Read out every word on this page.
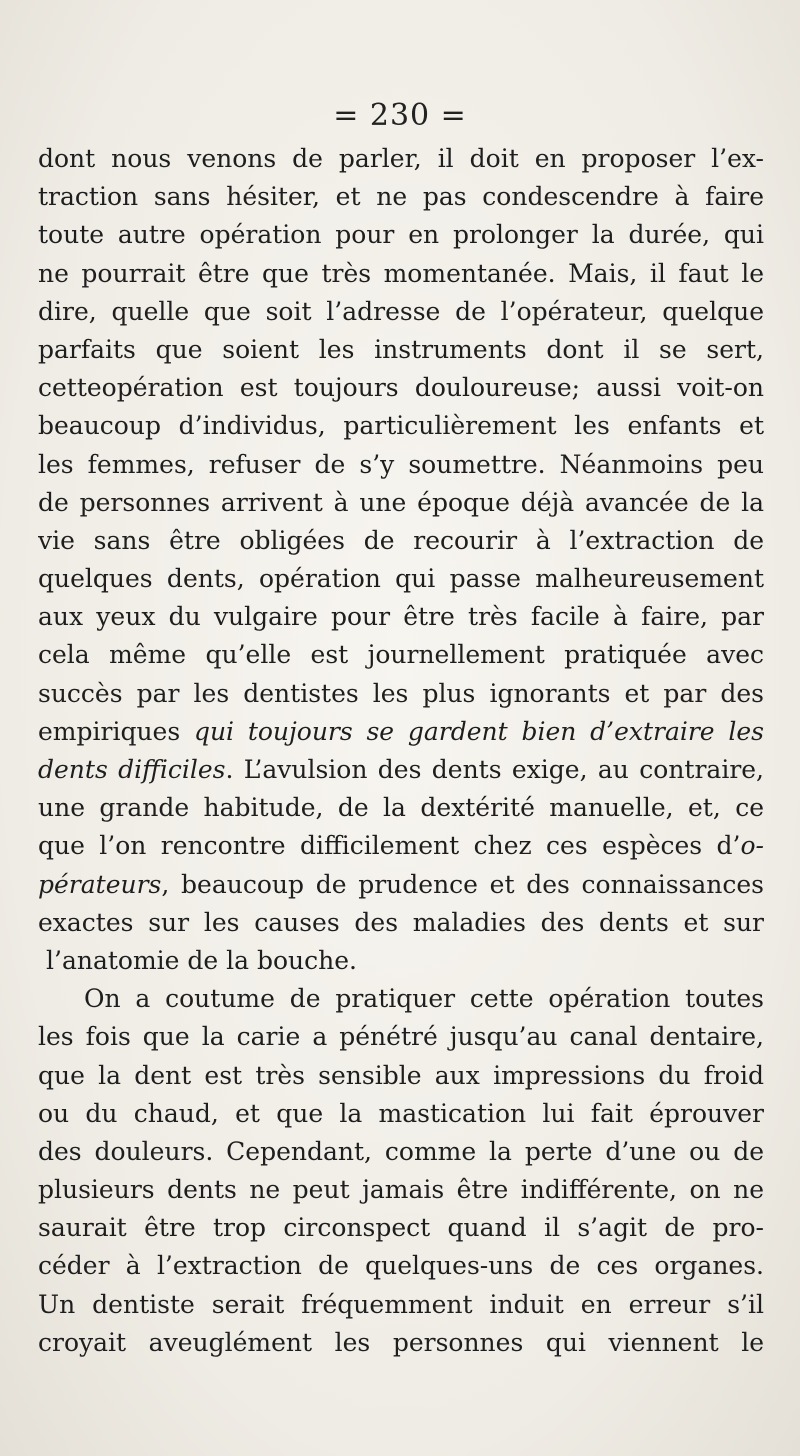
= 230 =
dont nous venons de parler, il doit en proposer l’ex-
traction sans hésiter, et ne pas condescendre à faire
toute autre opération pour en prolonger la durée, qui
ne pourrait être que très momentanée. Mais, il faut le
dire, quelle que soit l’adresse de l’opérateur, quelque
parfaits que soient les instruments dont il se sert,
cetteopération est toujours douloureuse; aussi voit-on
beaucoup d’individus, particulièrement les enfants et
les femmes, refuser de s’y soumettre. Néanmoins peu
de personnes arrivent à une époque déjà avancée de la
vie sans être obligées de recourir à l’extraction de
quelques dents, opération qui passe malheureusement
aux yeux du vulgaire pour être très facile à faire, par
cela même qu’elle est journellement pratiquée avec
succès par les dentistes les plus ignorants et par des
empiriques qui toujours se gardent bien d’extraire les
dents difficiles. L’avulsion des dents exige, au contraire,
une grande habitude, de la dextérité manuelle, et, ce
que l’on rencontre difficilement chez ces espèces d’o-
pérateurs, beaucoup de prudence et des connaissances
exactes sur les causes des maladies des dents et sur
l’anatomie de la bouche.
On a coutume de pratiquer cette opération toutes
les fois que la carie a pénétré jusqu’au canal dentaire,
que la dent est très sensible aux impressions du froid
ou du chaud, et que la mastication lui fait éprouver
des douleurs. Cependant, comme la perte d’une ou de
plusieurs dents ne peut jamais être indifférente, on ne
saurait être trop circonspect quand il s’agit de pro-
céder à l’extraction de quelques-uns de ces organes.
Un dentiste serait fréquemment induit en erreur s’il
croyait aveuglément les personnes qui viennent le
